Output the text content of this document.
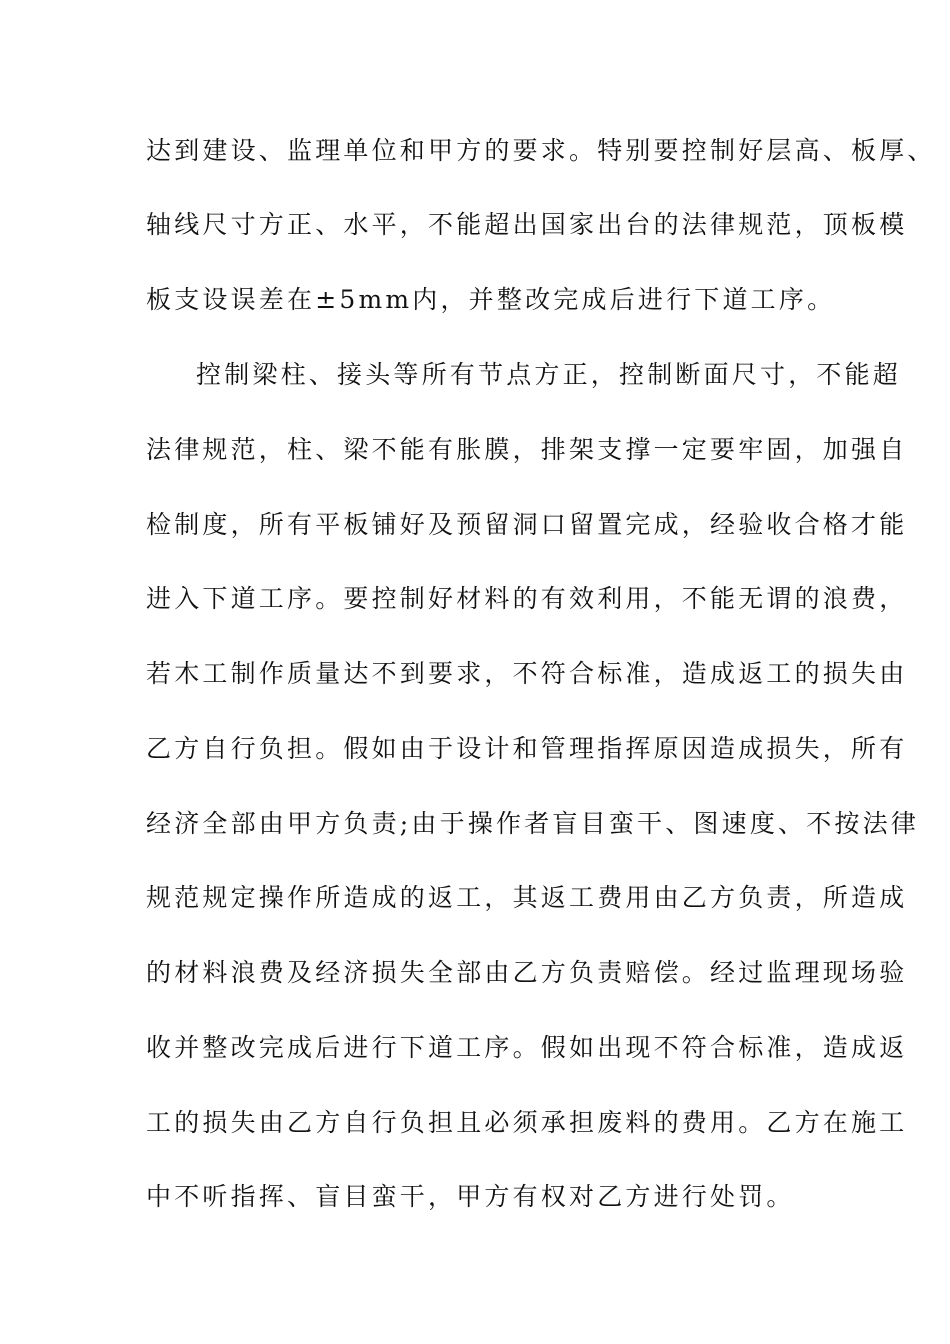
达到建设、监理单位和甲方的要求。特别要控制好层高、板厚、

轴线尺寸方正、水平，不能超出国家出台的法律规范，顶板模

板支设误差在±5mm内，并整改完成后进行下道工序。

控制梁柱、接头等所有节点方正，控制断面尺寸，不能超

法律规范，柱、梁不能有胀膜，排架支撑一定要牢固，加强自

检制度，所有平板铺好及预留洞口留置完成，经验收合格才能

进入下道工序。要控制好材料的有效利用，不能无谓的浪费，

若木工制作质量达不到要求，不符合标准，造成返工的损失由

乙方自行负担。假如由于设计和管理指挥原因造成损失，所有

经济全部由甲方负责;由于操作者盲目蛮干、图速度、不按法律

规范规定操作所造成的返工，其返工费用由乙方负责，所造成

的材料浪费及经济损失全部由乙方负责赔偿。经过监理现场验

收并整改完成后进行下道工序。假如出现不符合标准，造成返

工的损失由乙方自行负担且必须承担废料的费用。乙方在施工

中不听指挥、盲目蛮干，甲方有权对乙方进行处罚。
